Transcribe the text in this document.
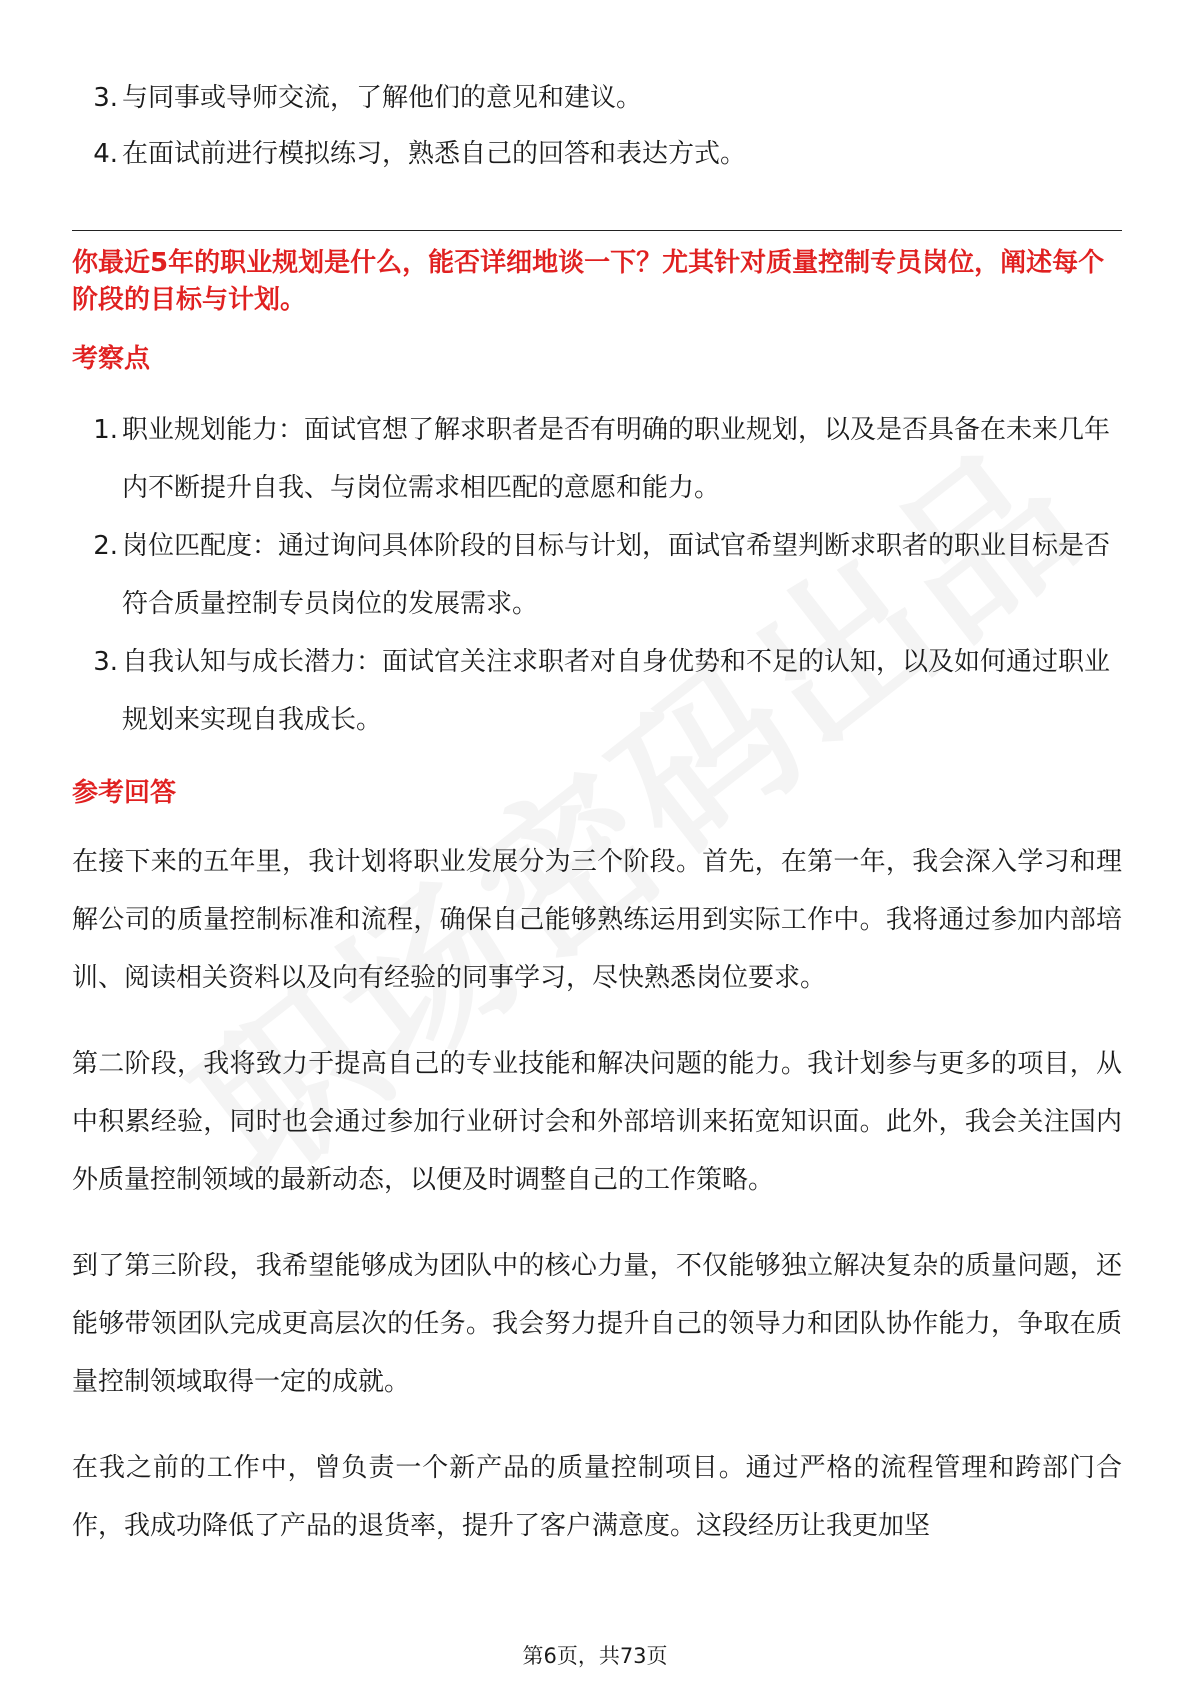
3. 与同事或导师交流，了解他们的意见和建议。
4. 在面试前进行模拟练习，熟悉自己的回答和表达方式。
你最近5年的职业规划是什么，能否详细地谈一下？尤其针对质量控制专员岗位，阐述每个阶段的目标与计划。
考察点
1. 职业规划能力：面试官想了解求职者是否有明确的职业规划，以及是否具备在未来几年内不断提升自我、与岗位需求相匹配的意愿和能力。
2. 岗位匹配度：通过询问具体阶段的目标与计划，面试官希望判断求职者的职业目标是否符合质量控制专员岗位的发展需求。
3. 自我认知与成长潜力：面试官关注求职者对自身优势和不足的认知，以及如何通过职业规划来实现自我成长。
参考回答
在接下来的五年里，我计划将职业发展分为三个阶段。首先，在第一年，我会深入学习和理解公司的质量控制标准和流程，确保自己能够熟练运用到实际工作中。我将通过参加内部培训、阅读相关资料以及向有经验的同事学习，尽快熟悉岗位要求。
第二阶段，我将致力于提高自己的专业技能和解决问题的能力。我计划参与更多的项目，从中积累经验，同时也会通过参加行业研讨会和外部培训来拓宽知识面。此外，我会关注国内外质量控制领域的最新动态，以便及时调整自己的工作策略。
到了第三阶段，我希望能够成为团队中的核心力量，不仅能够独立解决复杂的质量问题，还能够带领团队完成更高层次的任务。我会努力提升自己的领导力和团队协作能力，争取在质量控制领域取得一定的成就。
在我之前的工作中，曾负责一个新产品的质量控制项目。通过严格的流程管理和跨部门合作，我成功降低了产品的退货率，提升了客户满意度。这段经历让我更加坚
第6页，共73页
